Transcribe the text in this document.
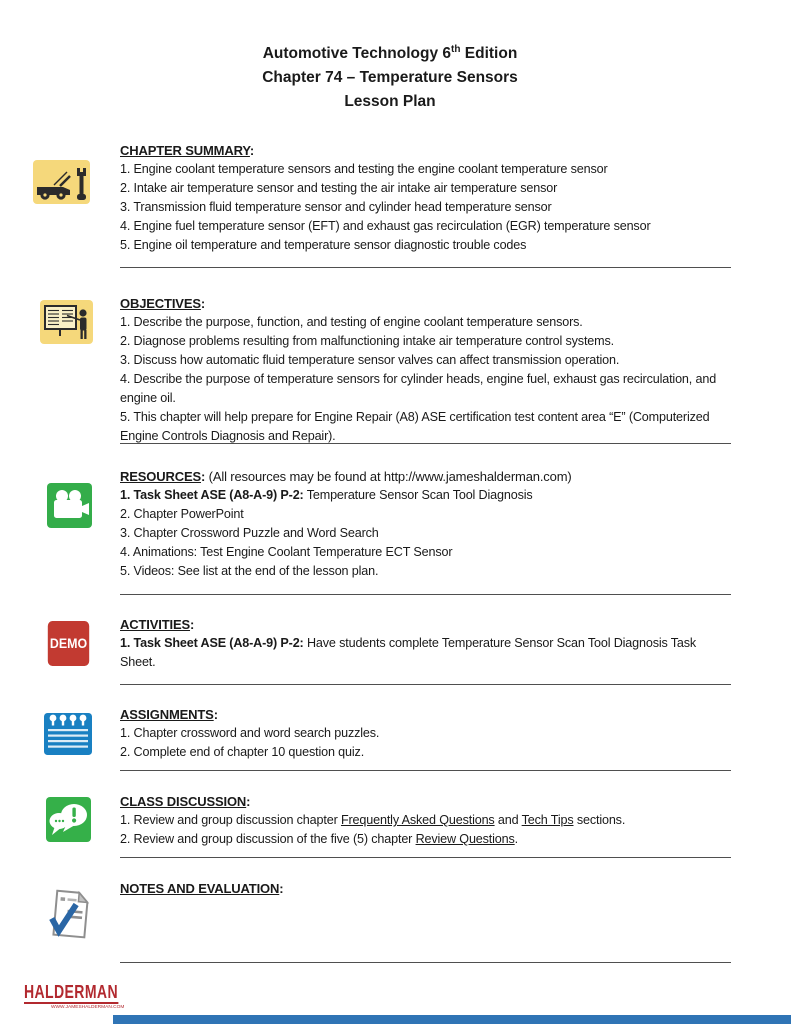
Automotive Technology 6th Edition
Chapter 74 – Temperature Sensors
Lesson Plan
DEMO
CHAPTER SUMMARY:
1. Engine coolant temperature sensors and testing the engine coolant temperature sensor
2. Intake air temperature sensor and testing the air intake air temperature sensor
3. Transmission fluid temperature sensor and cylinder head temperature sensor
4. Engine fuel temperature sensor (EFT) and exhaust gas recirculation (EGR) temperature sensor
5. Engine oil temperature and temperature sensor diagnostic trouble codes
OBJECTIVES:
1. Describe the purpose, function, and testing of engine coolant temperature sensors.
2. Diagnose problems resulting from malfunctioning intake air temperature control systems.
3. Discuss how automatic fluid temperature sensor valves can affect transmission operation.
4. Describe the purpose of temperature sensors for cylinder heads, engine fuel, exhaust gas recirculation, and engine oil.
5. This chapter will help prepare for Engine Repair (A8) ASE certification test content area “E” (Computerized Engine Controls Diagnosis and Repair).
RESOURCES: (All resources may be found at http://www.jameshalderman.com)
1. Task Sheet ASE (A8-A-9) P-2: Temperature Sensor Scan Tool Diagnosis
2. Chapter PowerPoint
3. Chapter Crossword Puzzle and Word Search
4. Animations: Test Engine Coolant Temperature ECT Sensor
5. Videos: See list at the end of the lesson plan.
ACTIVITIES:
1. Task Sheet ASE (A8-A-9) P-2: Have students complete Temperature Sensor Scan Tool Diagnosis Task Sheet.
ASSIGNMENTS:
1. Chapter crossword and word search puzzles.
2. Complete end of chapter 10 question quiz.
CLASS DISCUSSION:
1. Review and group discussion chapter Frequently Asked Questions and Tech Tips sections.
2. Review and group discussion of the five (5) chapter Review Questions.
NOTES AND EVALUATION:
HALDERMAN
WWW.JAMESHALDERMAN.COM
